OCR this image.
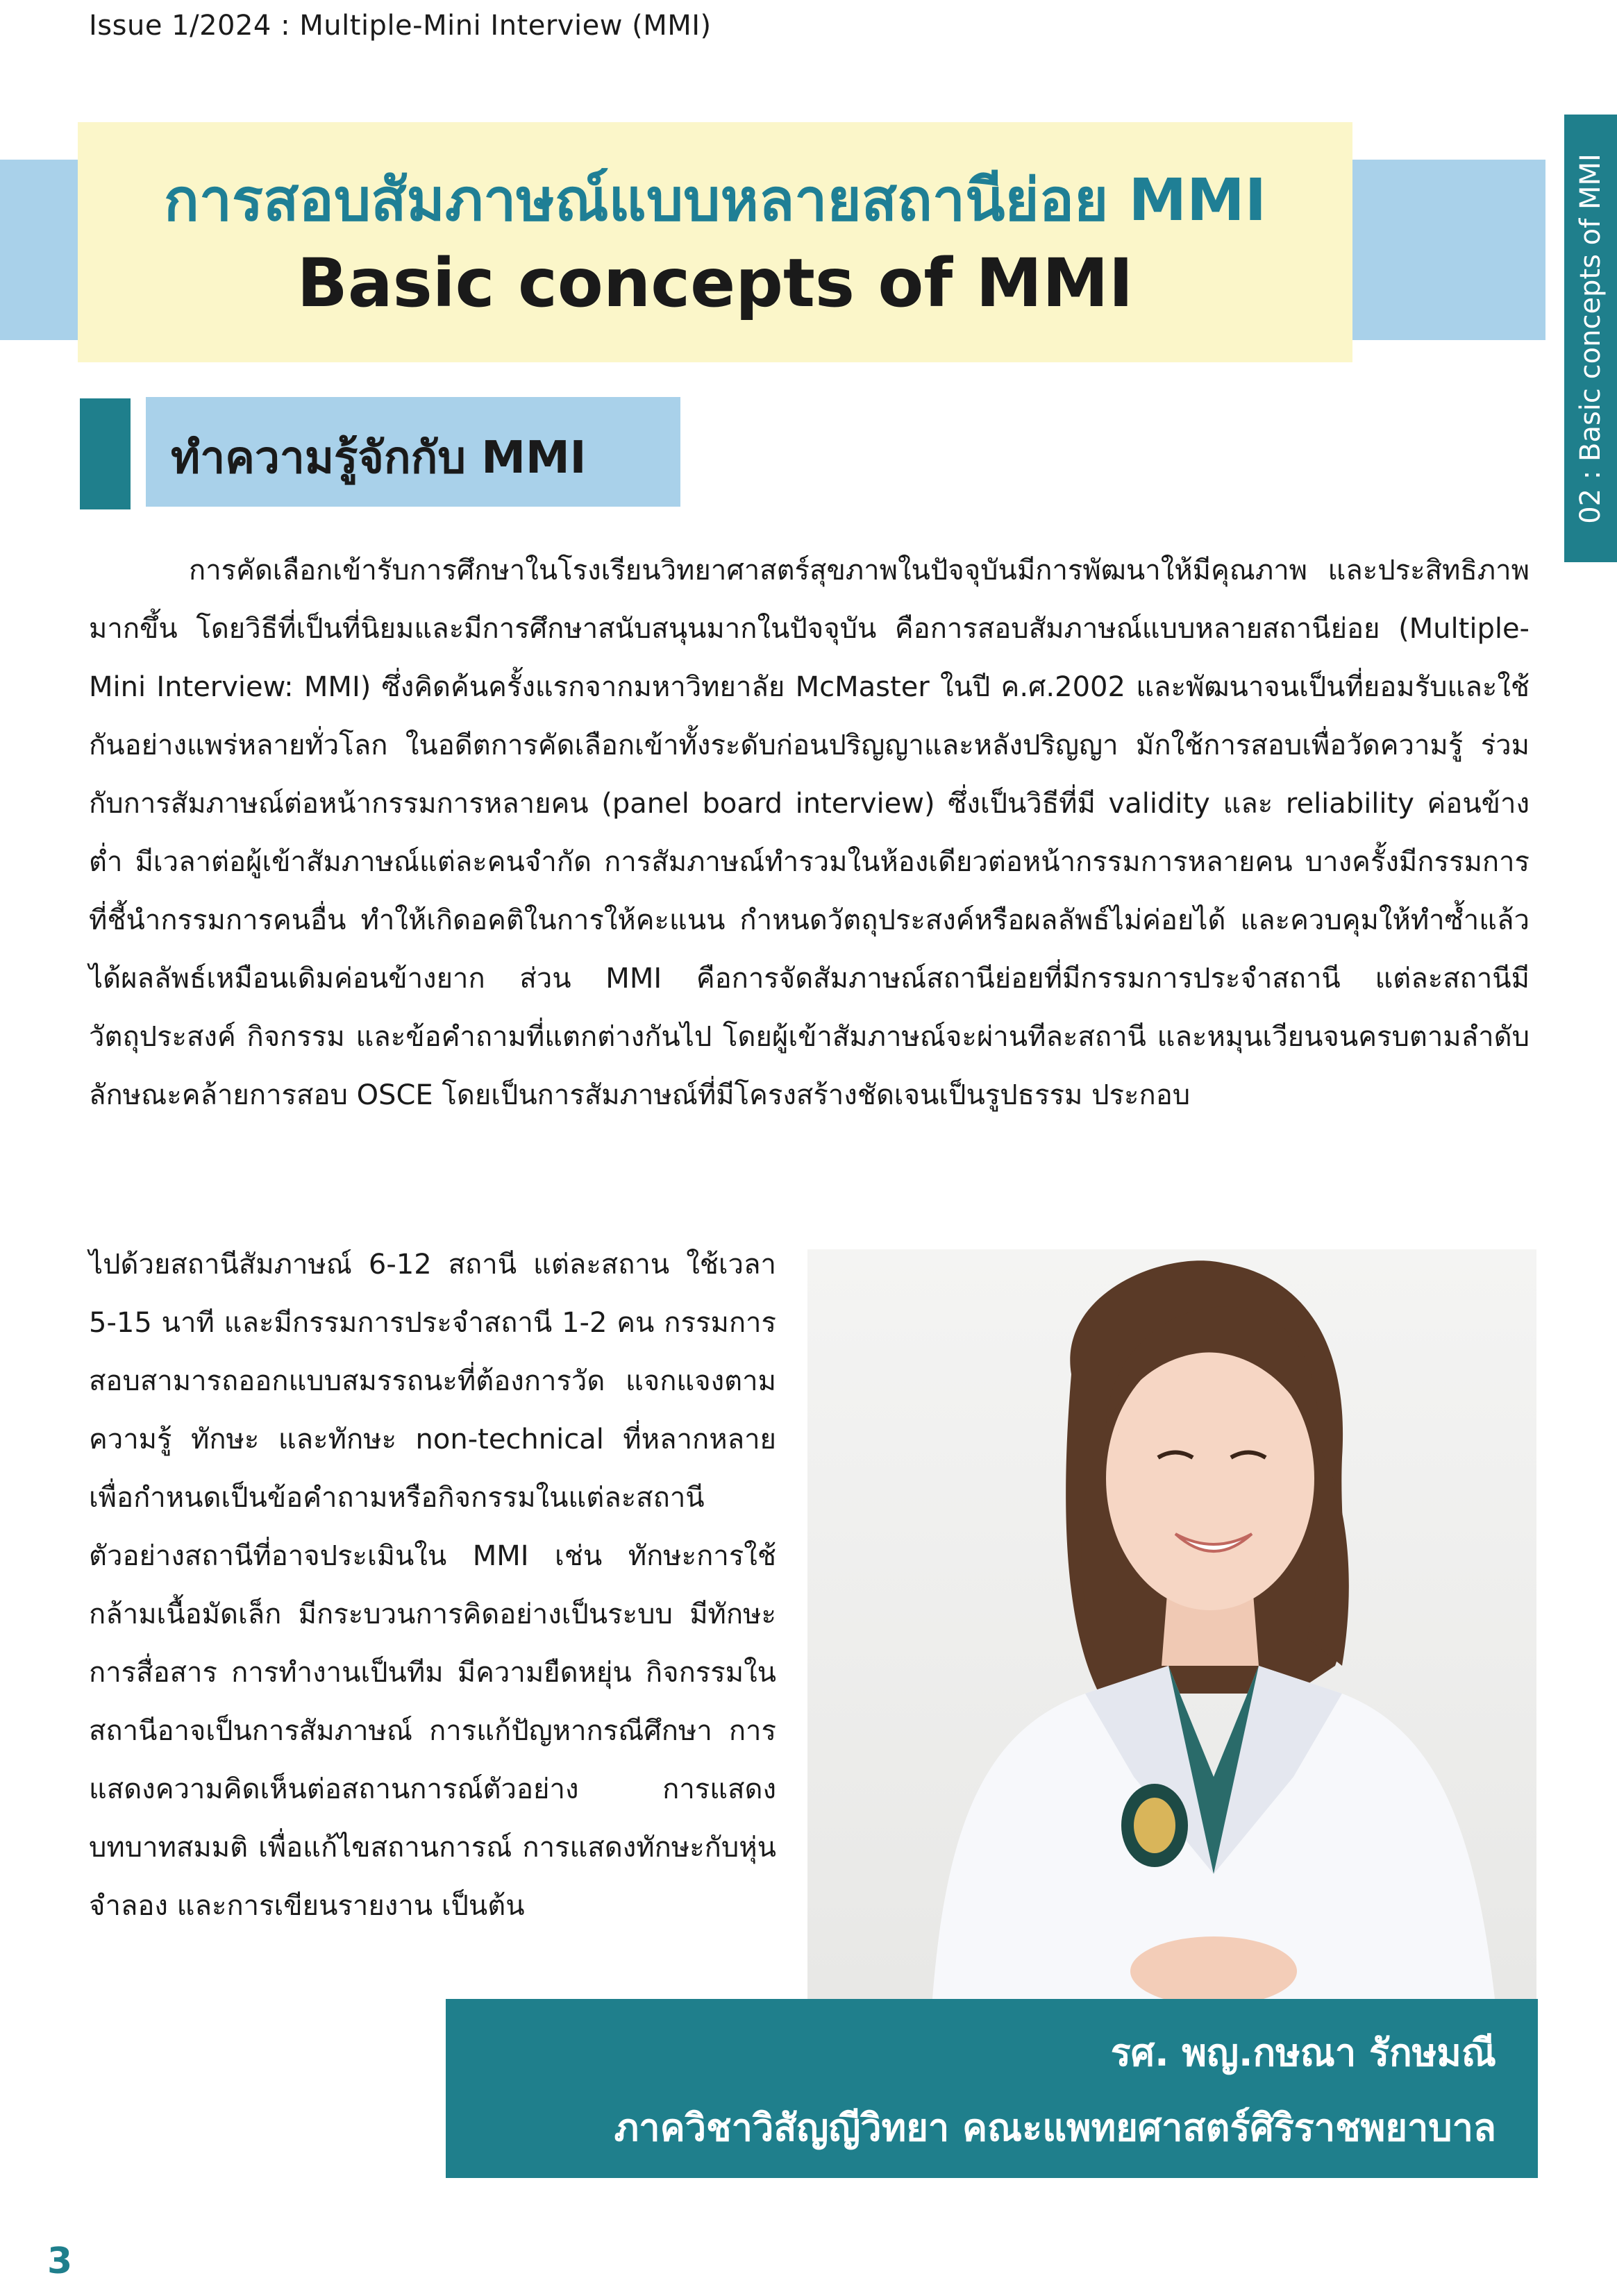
Issue 1/2024 : Multiple-Mini Interview (MMI)
การสอบสัมภาษณ์แบบหลายสถานีย่อย MMI
Basic concepts of MMI	02 : Basic concepts of MMI
ทำความรู้จักกับ MMI

การคัดเลือกเข้ารับการศึกษาในโรงเรียนวิทยาศาสตร์สุขภาพในปัจจุบันมีการพัฒนาให้มีคุณภาพ และประสิทธิภาพมากขึ้น โดยวิธีที่เป็นที่นิยมและมีการศึกษาสนับสนุนมากในปัจจุบัน คือการสอบสัมภาษณ์แบบหลายสถานีย่อย (Multiple-Mini Interview: MMI) ซึ่งคิดค้นครั้งแรกจากมหาวิทยาลัย McMaster ในปี ค.ศ.2002 และพัฒนาจนเป็นที่ยอมรับและใช้กันอย่างแพร่หลายทั่วโลก ในอดีตการคัดเลือกเข้าทั้งระดับก่อนปริญญาและหลังปริญญา มักใช้การสอบเพื่อวัดความรู้ ร่วมกับการสัมภาษณ์ต่อหน้ากรรมการหลายคน (panel board interview) ซึ่งเป็นวิธีที่มี validity และ reliability ค่อนข้างต่ำ มีเวลาต่อผู้เข้าสัมภาษณ์แต่ละคนจำกัด การสัมภาษณ์ทำรวมในห้องเดียวต่อหน้ากรรมการหลายคน บางครั้งมีกรรมการที่ชี้นำกรรมการคนอื่น ทำให้เกิดอคติในการให้คะแนน กำหนดวัตถุประสงค์หรือผลลัพธ์ไม่ค่อยได้ และควบคุมให้ทำซ้ำแล้วได้ผลลัพธ์เหมือนเดิมค่อนข้างยาก ส่วน MMI คือการจัดสัมภาษณ์สถานีย่อยที่มีกรรมการประจำสถานี แต่ละสถานีมีวัตถุประสงค์ กิจกรรม และข้อคำถามที่แตกต่างกันไป โดยผู้เข้าสัมภาษณ์จะผ่านทีละสถานี และหมุนเวียนจนครบตามลำดับลักษณะคล้ายการสอบ OSCE โดยเป็นการสัมภาษณ์ที่มีโครงสร้างชัดเจนเป็นรูปธรรม ประกอบ

ไปด้วยสถานีสัมภาษณ์ 6-12 สถานี แต่ละสถาน ใช้เวลา 5-15 นาที และมีกรรมการประจำสถานี 1-2 คน กรรมการสอบสามารถออกแบบสมรรถนะที่ต้องการวัด แจกแจงตามความรู้ ทักษะ และทักษะ non-technical ที่หลากหลาย เพื่อกำหนดเป็นข้อคำถามหรือกิจกรรมในแต่ละสถานี ตัวอย่างสถานีที่อาจประเมินใน MMI เช่น ทักษะการใช้กล้ามเนื้อมัดเล็ก มีกระบวนการคิดอย่างเป็นระบบ มีทักษะการสื่อสาร การทำงานเป็นทีม มีความยืดหยุ่น กิจกรรมในสถานีอาจเป็นการสัมภาษณ์ การแก้ปัญหากรณีศึกษา การแสดงความคิดเห็นต่อสถานการณ์ตัวอย่าง การแสดงบทบาทสมมติ เพื่อแก้ไขสถานการณ์ การแสดงทักษะกับหุ่นจำลอง และการเขียนรายงาน เป็นต้น

รศ. พญ.กษณา รักษมณี
ภาควิชาวิสัญญีวิทยา คณะแพทยศาสตร์ศิริราชพยาบาล
3
